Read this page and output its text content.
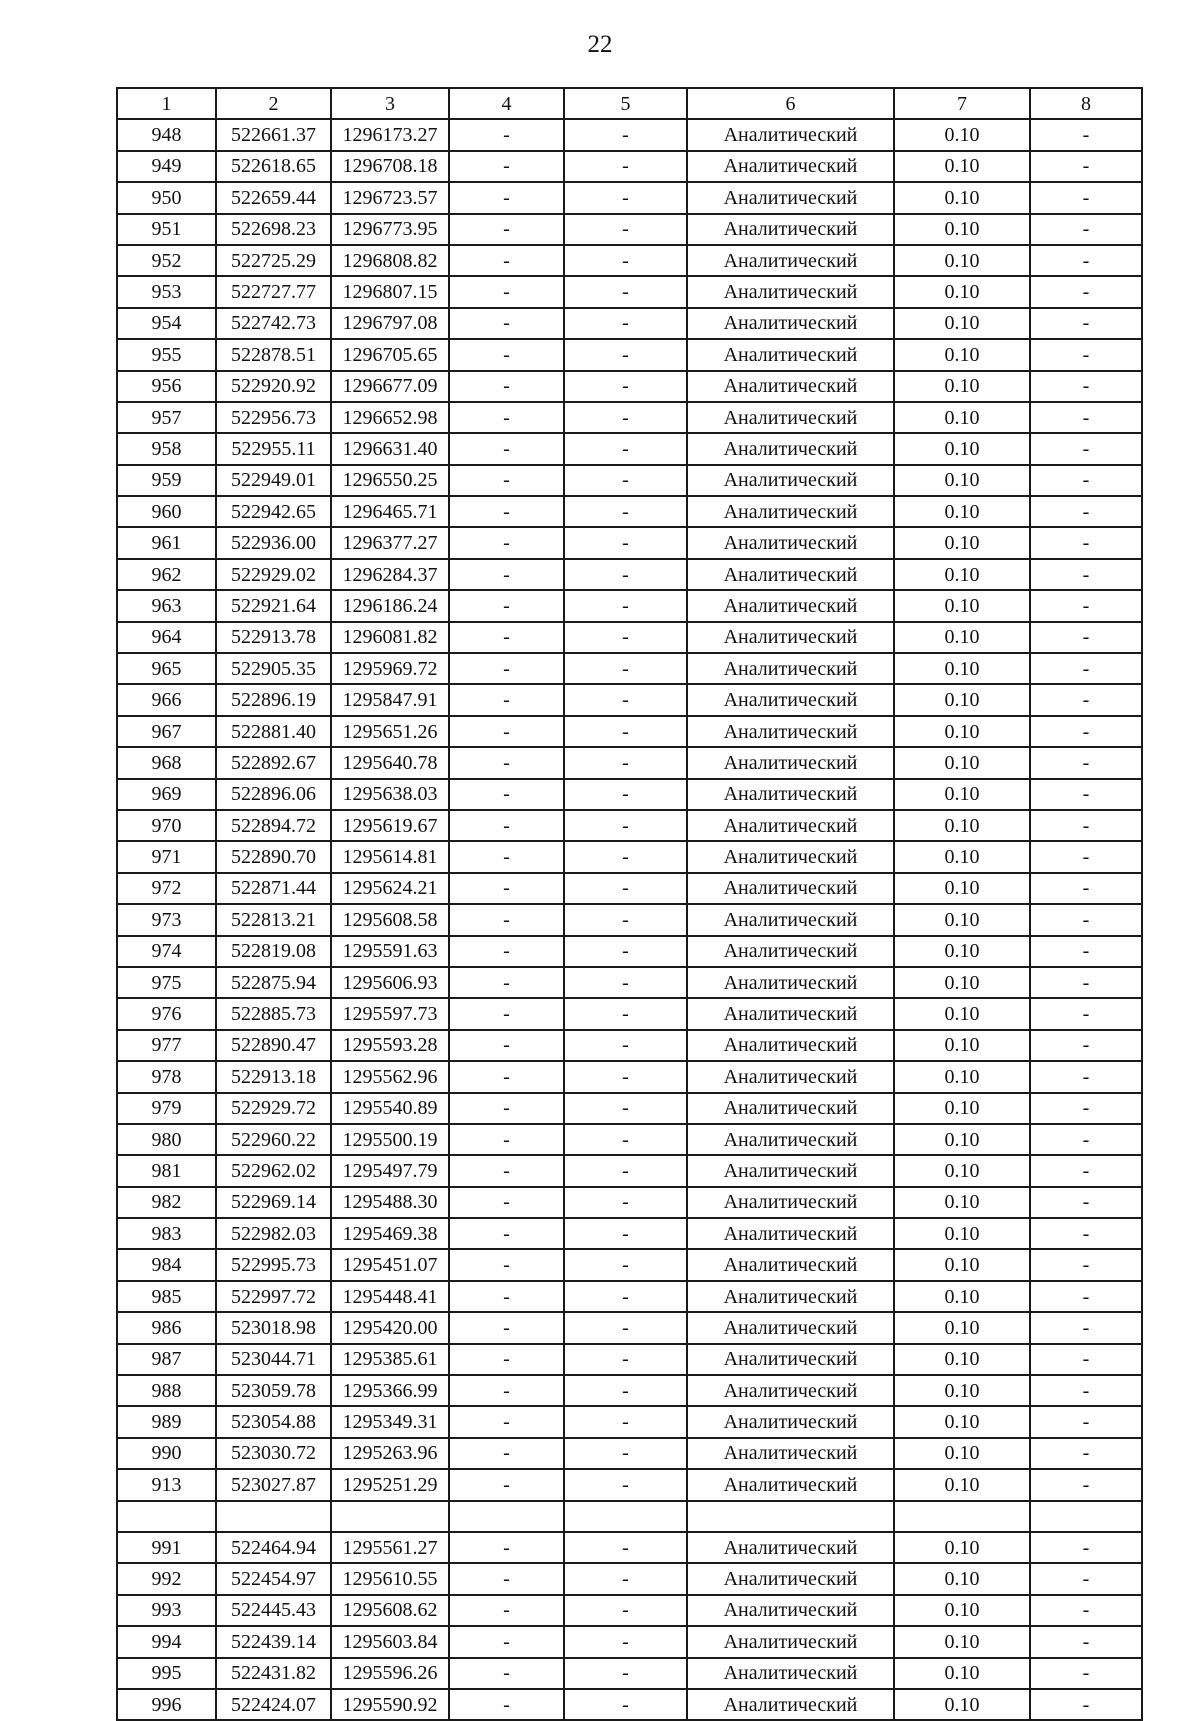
22
1	2	3	4	5	6	7	8
948	522661.37	1296173.27	-	-	Аналитический	0.10	-
949	522618.65	1296708.18	-	-	Аналитический	0.10	-
950	522659.44	1296723.57	-	-	Аналитический	0.10	-
951	522698.23	1296773.95	-	-	Аналитический	0.10	-
952	522725.29	1296808.82	-	-	Аналитический	0.10	-
953	522727.77	1296807.15	-	-	Аналитический	0.10	-
954	522742.73	1296797.08	-	-	Аналитический	0.10	-
955	522878.51	1296705.65	-	-	Аналитический	0.10	-
956	522920.92	1296677.09	-	-	Аналитический	0.10	-
957	522956.73	1296652.98	-	-	Аналитический	0.10	-
958	522955.11	1296631.40	-	-	Аналитический	0.10	-
959	522949.01	1296550.25	-	-	Аналитический	0.10	-
960	522942.65	1296465.71	-	-	Аналитический	0.10	-
961	522936.00	1296377.27	-	-	Аналитический	0.10	-
962	522929.02	1296284.37	-	-	Аналитический	0.10	-
963	522921.64	1296186.24	-	-	Аналитический	0.10	-
964	522913.78	1296081.82	-	-	Аналитический	0.10	-
965	522905.35	1295969.72	-	-	Аналитический	0.10	-
966	522896.19	1295847.91	-	-	Аналитический	0.10	-
967	522881.40	1295651.26	-	-	Аналитический	0.10	-
968	522892.67	1295640.78	-	-	Аналитический	0.10	-
969	522896.06	1295638.03	-	-	Аналитический	0.10	-
970	522894.72	1295619.67	-	-	Аналитический	0.10	-
971	522890.70	1295614.81	-	-	Аналитический	0.10	-
972	522871.44	1295624.21	-	-	Аналитический	0.10	-
973	522813.21	1295608.58	-	-	Аналитический	0.10	-
974	522819.08	1295591.63	-	-	Аналитический	0.10	-
975	522875.94	1295606.93	-	-	Аналитический	0.10	-
976	522885.73	1295597.73	-	-	Аналитический	0.10	-
977	522890.47	1295593.28	-	-	Аналитический	0.10	-
978	522913.18	1295562.96	-	-	Аналитический	0.10	-
979	522929.72	1295540.89	-	-	Аналитический	0.10	-
980	522960.22	1295500.19	-	-	Аналитический	0.10	-
981	522962.02	1295497.79	-	-	Аналитический	0.10	-
982	522969.14	1295488.30	-	-	Аналитический	0.10	-
983	522982.03	1295469.38	-	-	Аналитический	0.10	-
984	522995.73	1295451.07	-	-	Аналитический	0.10	-
985	522997.72	1295448.41	-	-	Аналитический	0.10	-
986	523018.98	1295420.00	-	-	Аналитический	0.10	-
987	523044.71	1295385.61	-	-	Аналитический	0.10	-
988	523059.78	1295366.99	-	-	Аналитический	0.10	-
989	523054.88	1295349.31	-	-	Аналитический	0.10	-
990	523030.72	1295263.96	-	-	Аналитический	0.10	-
913	523027.87	1295251.29	-	-	Аналитический	0.10	-

991	522464.94	1295561.27	-	-	Аналитический	0.10	-
992	522454.97	1295610.55	-	-	Аналитический	0.10	-
993	522445.43	1295608.62	-	-	Аналитический	0.10	-
994	522439.14	1295603.84	-	-	Аналитический	0.10	-
995	522431.82	1295596.26	-	-	Аналитический	0.10	-
996	522424.07	1295590.92	-	-	Аналитический	0.10	-
